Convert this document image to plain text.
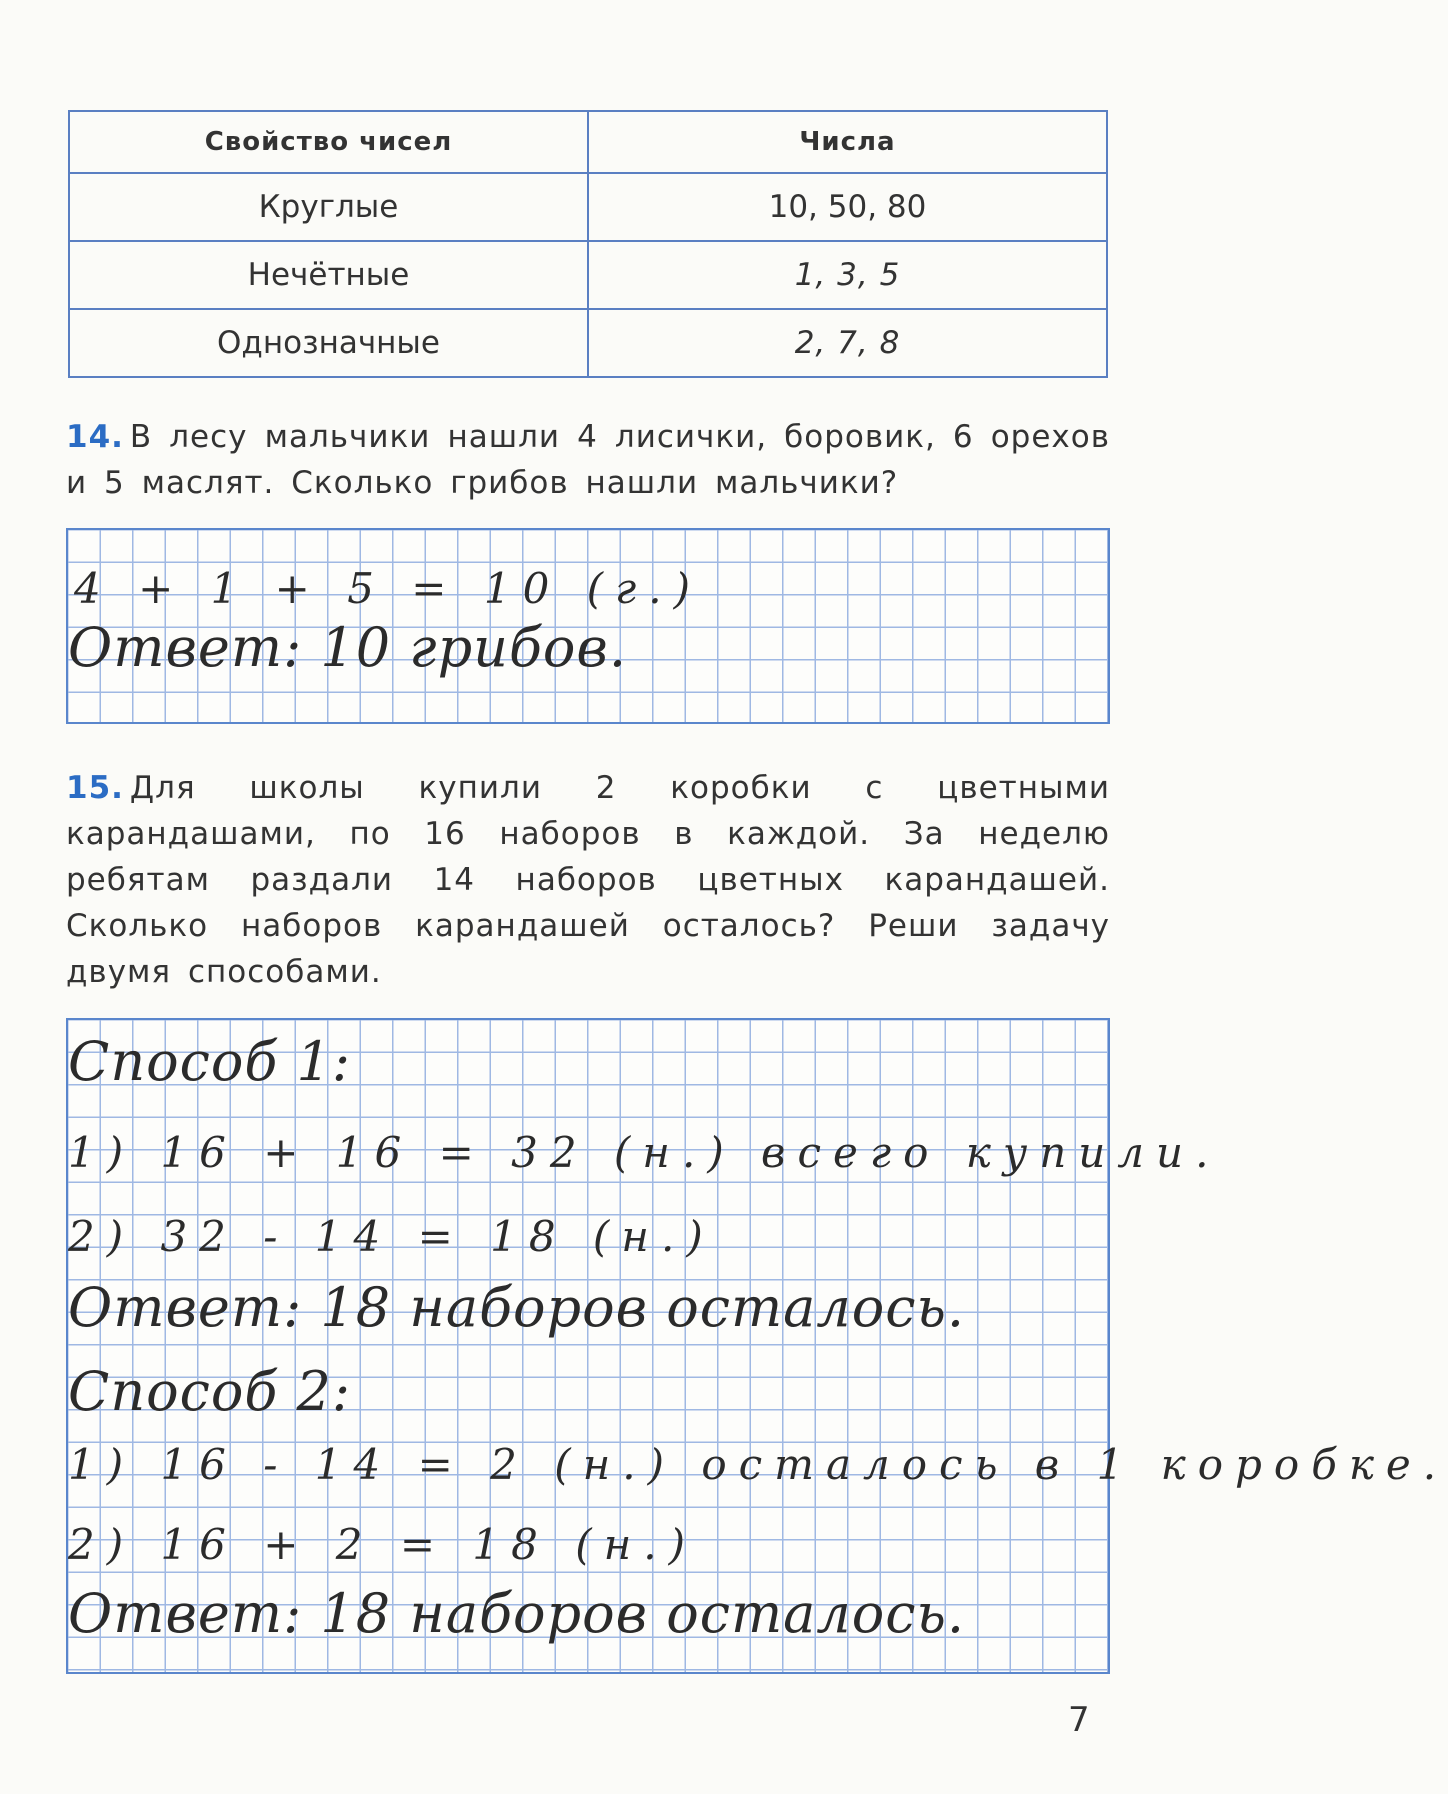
Свойство чисел	Числа
Круглые	10, 50, 80
Нечётные	1, 3, 5
Однозначные	2, 7, 8
14. В лесу мальчики нашли 4 лисички, боровик, 6 орехов и 5 маслят. Сколько грибов нашли мальчики?
4 + 1 + 5 = 10 (г.)
Ответ: 10 грибов.
15. Для школы купили 2 коробки с цветными карандашами, по 16 наборов в каждой. За неделю ребятам раздали 14 наборов цветных карандашей. Сколько наборов карандашей осталось? Реши задачу двумя способами.
Способ 1:
1) 16 + 16 = 32 (н.) всего купили.
2) 32 - 14 = 18 (н.)
Ответ: 18 наборов осталось.
Способ 2:
1) 16 - 14 = 2 (н.) осталось в 1 коробке.
2) 16 + 2 = 18 (н.)
Ответ: 18 наборов осталось.
7
